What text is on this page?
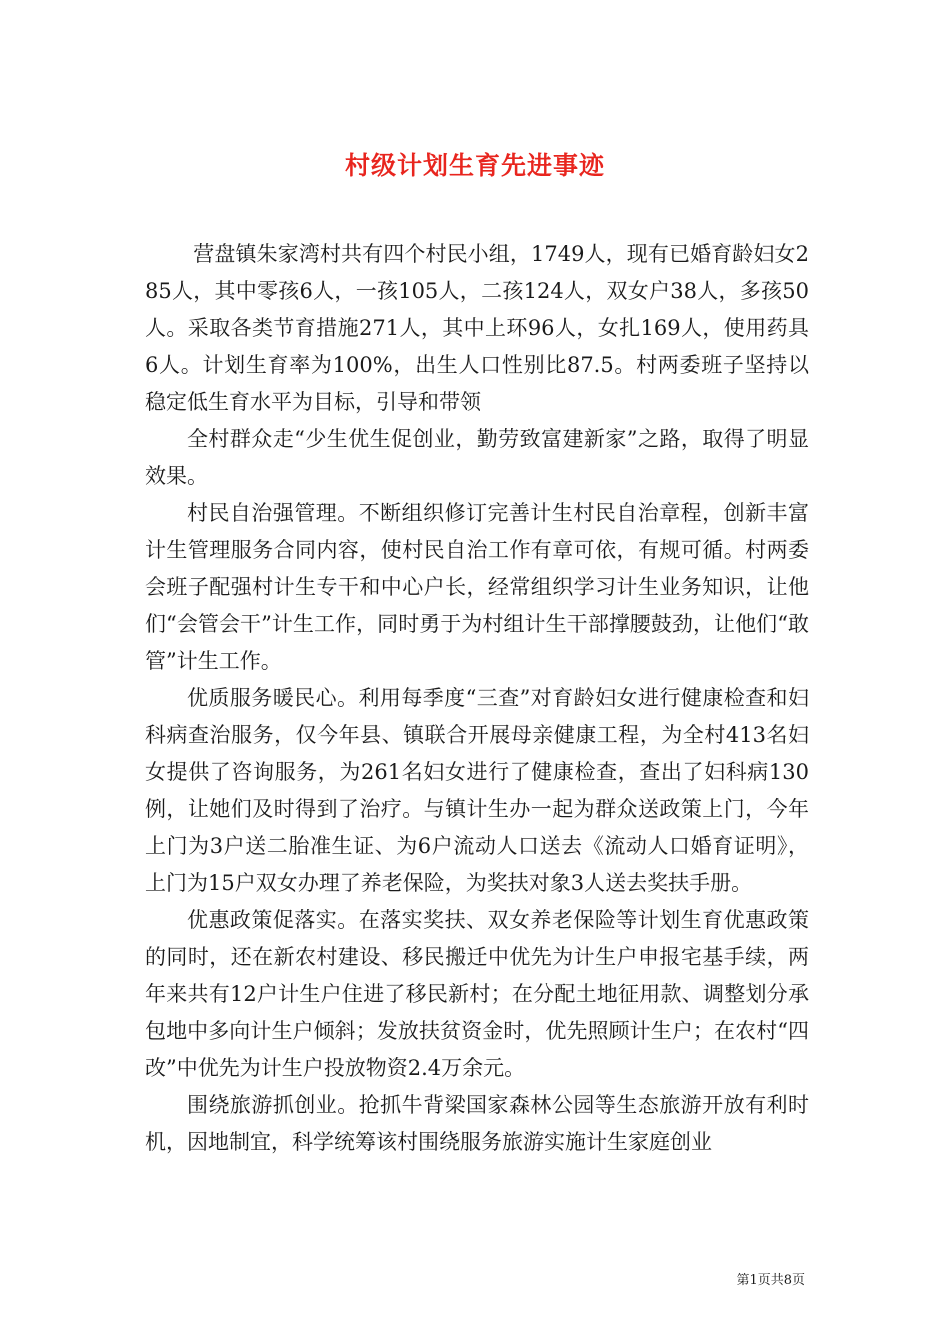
村级计划生育先进事迹

营盘镇朱家湾村共有四个村民小组，1749人，现有已婚育龄妇女285人，其中零孩6人，一孩105人，二孩124人，双女户38人，多孩50人。采取各类节育措施271人，其中上环96人，女扎169人，使用药具6人。计划生育率为100%，出生人口性别比87.5。村两委班子坚持以稳定低生育水平为目标，引导和带领

全村群众走“少生优生促创业，勤劳致富建新家”之路，取得了明显效果。

村民自治强管理。不断组织修订完善计生村民自治章程，创新丰富计生管理服务合同内容，使村民自治工作有章可依，有规可循。村两委会班子配强村计生专干和中心户长，经常组织学习计生业务知识，让他们“会管会干”计生工作，同时勇于为村组计生干部撑腰鼓劲，让他们“敢管”计生工作。

优质服务暖民心。利用每季度“三查”对育龄妇女进行健康检查和妇科病查治服务，仅今年县、镇联合开展母亲健康工程，为全村413名妇女提供了咨询服务，为261名妇女进行了健康检查，查出了妇科病130例，让她们及时得到了治疗。与镇计生办一起为群众送政策上门，今年上门为3户送二胎准生证、为6户流动人口送去《流动人口婚育证明》，上门为15户双女办理了养老保险，为奖扶对象3人送去奖扶手册。

优惠政策促落实。在落实奖扶、双女养老保险等计划生育优惠政策的同时，还在新农村建设、移民搬迁中优先为计生户申报宅基手续，两年来共有12户计生户住进了移民新村；在分配土地征用款、调整划分承包地中多向计生户倾斜；发放扶贫资金时，优先照顾计生户；在农村“四改”中优先为计生户投放物资2.4万余元。

围绕旅游抓创业。抢抓牛背梁国家森林公园等生态旅游开放有利时机，因地制宜，科学统筹该村围绕服务旅游实施计生家庭创业

第1页共8页
